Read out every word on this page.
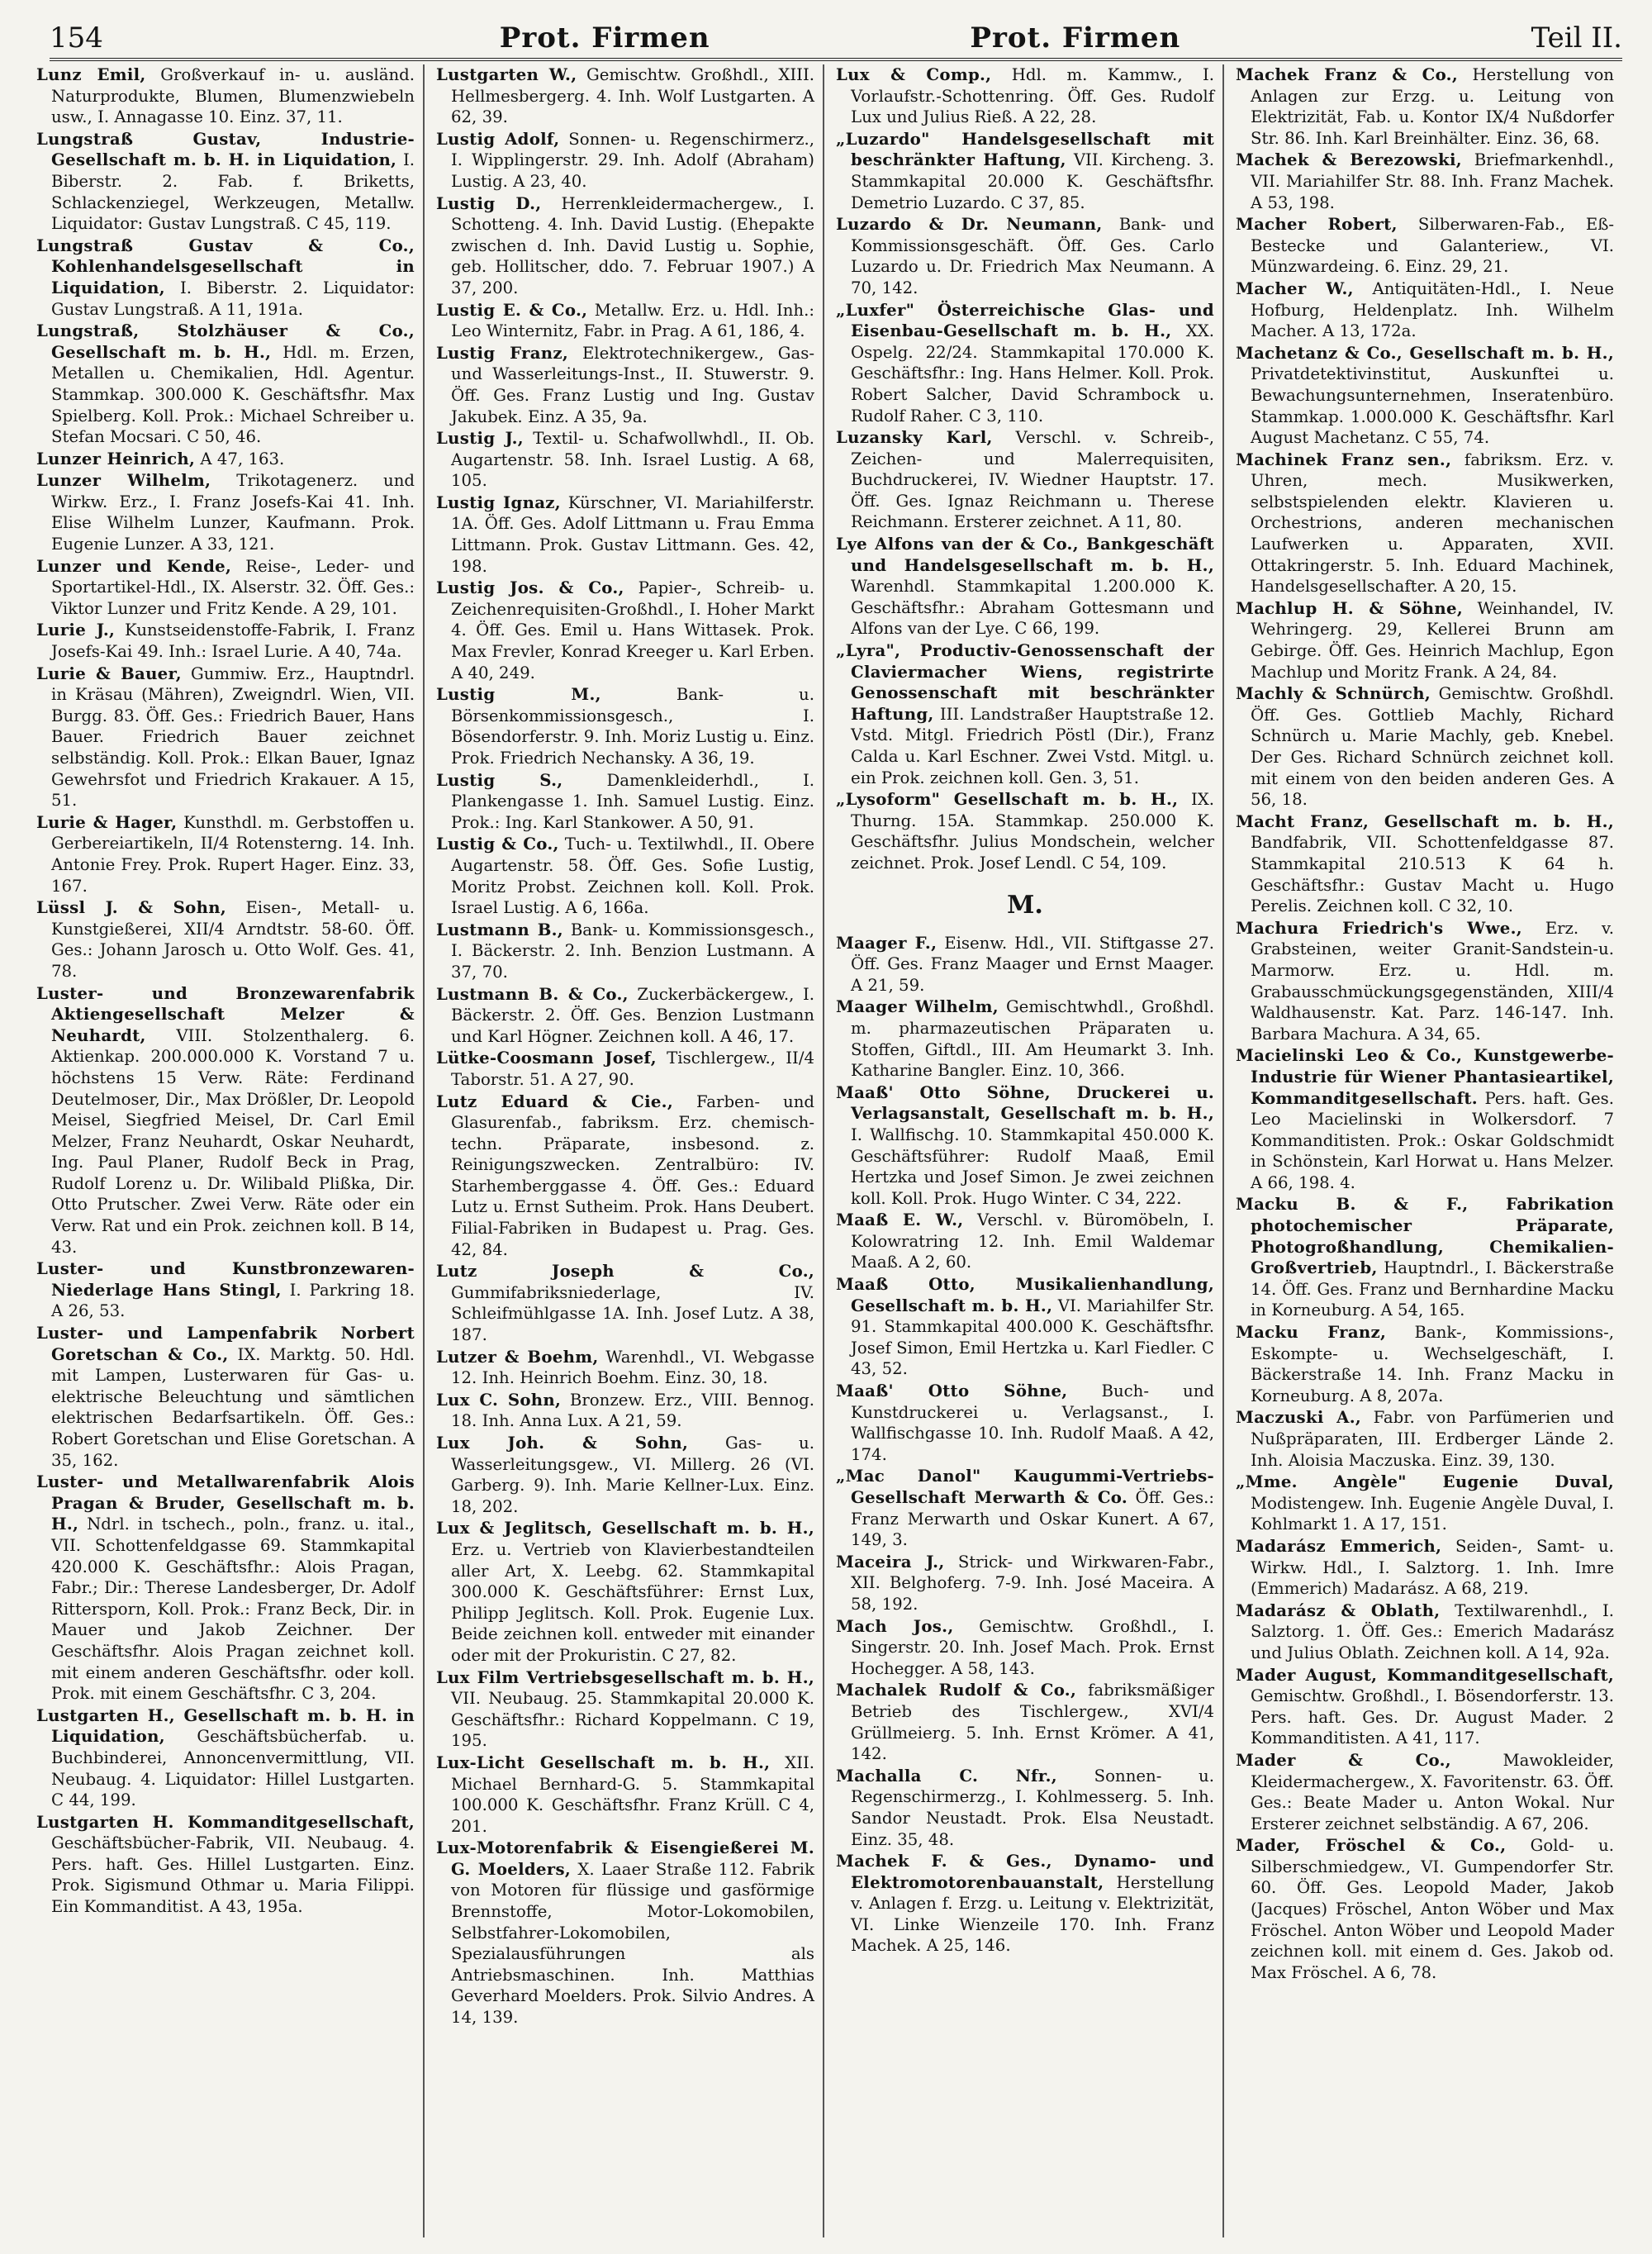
154	Prot. Firmen	Prot. Firmen	Teil II.

Lunz Emil, Großverkauf in- u. ausländ. Naturprodukte, Blumen, Blumenzwiebeln usw., I. Annagasse 10. Einz. 37, 11.

Lungstraß Gustav, Industrie-Gesellschaft m. b. H. in Liquidation, I. Biberstr. 2. Fab. f. Briketts, Schlackenziegel, Werkzeugen, Metallw. Liquidator: Gustav Lungstraß. C 45, 119.

Lungstraß Gustav & Co., Kohlenhandelsgesellschaft in Liquidation, I. Biberstr. 2. Liquidator: Gustav Lungstraß. A 11, 191a.

Lungstraß, Stolzhäuser & Co., Gesellschaft m. b. H., Hdl. m. Erzen, Metallen u. Chemikalien, Hdl. Agentur. Stammkap. 300.000 K. Geschäftsfhr. Max Spielberg. Koll. Prok.: Michael Schreiber u. Stefan Mocsari. C 50, 46.

Lunzer Heinrich, A 47, 163.

Lunzer Wilhelm, Trikotagenerz. und Wirkw. Erz., I. Franz Josefs-Kai 41. Inh. Elise Wilhelm Lunzer, Kaufmann. Prok. Eugenie Lunzer. A 33, 121.

Lunzer und Kende, Reise-, Leder- und Sportartikel-Hdl., IX. Alserstr. 32. Öff. Ges.: Viktor Lunzer und Fritz Kende. A 29, 101.

Lurie J., Kunstseidenstoffe-Fabrik, I. Franz Josefs-Kai 49. Inh.: Israel Lurie. A 40, 74a.

Lurie & Bauer, Gummiw. Erz., Hauptndrl. in Kräsau (Mähren), Zweigndrl. Wien, VII. Burgg. 83. Öff. Ges.: Friedrich Bauer, Hans Bauer. Friedrich Bauer zeichnet selbständig. Koll. Prok.: Elkan Bauer, Ignaz Gewehrsfot und Friedrich Krakauer. A 15, 51.

Lurie & Hager, Kunsthdl. m. Gerbstoffen u. Gerbereiartikeln, II/4 Rotensterng. 14. Inh. Antonie Frey. Prok. Rupert Hager. Einz. 33, 167.

Lüssl J. & Sohn, Eisen-, Metall- u. Kunstgießerei, XII/4 Arndtstr. 58-60. Öff. Ges.: Johann Jarosch u. Otto Wolf. Ges. 41, 78.

Luster- und Bronzewarenfabrik Aktiengesellschaft Melzer & Neuhardt, VIII. Stolzenthalerg. 6. Aktienkap. 200.000.000 K. Vorstand 7 u. höchstens 15 Verw. Räte: Ferdinand Deutelmoser, Dir., Max Drößler, Dr. Leopold Meisel, Siegfried Meisel, Dr. Carl Emil Melzer, Franz Neuhardt, Oskar Neuhardt, Ing. Paul Planer, Rudolf Beck in Prag, Rudolf Lorenz u. Dr. Wilibald Plißka, Dir. Otto Prutscher. Zwei Verw. Räte oder ein Verw. Rat und ein Prok. zeichnen koll. B 14, 43.

Luster- und Kunstbronzewaren-Niederlage Hans Stingl, I. Parkring 18. A 26, 53.

Luster- und Lampenfabrik Norbert Goretschan & Co., IX. Marktg. 50. Hdl. mit Lampen, Lusterwaren für Gas- u. elektrische Beleuchtung und sämtlichen elektrischen Bedarfsartikeln. Öff. Ges.: Robert Goretschan und Elise Goretschan. A 35, 162.

Luster- und Metallwarenfabrik Alois Pragan & Bruder, Gesellschaft m. b. H., Ndrl. in tschech., poln., franz. u. ital., VII. Schottenfeldgasse 69. Stammkapital 420.000 K. Geschäftsfhr.: Alois Pragan, Fabr.; Dir.: Therese Landesberger, Dr. Adolf Rittersporn, Koll. Prok.: Franz Beck, Dir. in Mauer und Jakob Zeichner. Der Geschäftsfhr. Alois Pragan zeichnet koll. mit einem anderen Geschäftsfhr. oder koll. Prok. mit einem Geschäftsfhr. C 3, 204.

Lustgarten H., Gesellschaft m. b. H. in Liquidation, Geschäftsbücherfab. u. Buchbinderei, Annoncenvermittlung, VII. Neubaug. 4. Liquidator: Hillel Lustgarten. C 44, 199.

Lustgarten H. Kommanditgesellschaft, Geschäftsbücher-Fabrik, VII. Neubaug. 4. Pers. haft. Ges. Hillel Lustgarten. Einz. Prok. Sigismund Othmar u. Maria Filippi. Ein Kommanditist. A 43, 195a.

Lustgarten W., Gemischtw. Großhdl., XIII. Hellmesbergerg. 4. Inh. Wolf Lustgarten. A 62, 39.

Lustig Adolf, Sonnen- u. Regenschirmerz., I. Wipplingerstr. 29. Inh. Adolf (Abraham) Lustig. A 23, 40.

Lustig D., Herrenkleidermachergew., I. Schotteng. 4. Inh. David Lustig. (Ehepakte zwischen d. Inh. David Lustig u. Sophie, geb. Hollitscher, ddo. 7. Februar 1907.) A 37, 200.

Lustig E. & Co., Metallw. Erz. u. Hdl. Inh.: Leo Winternitz, Fabr. in Prag. A 61, 186, 4.

Lustig Franz, Elektrotechnikergew., Gas- und Wasserleitungs-Inst., II. Stuwerstr. 9. Öff. Ges. Franz Lustig und Ing. Gustav Jakubek. Einz. A 35, 9a.

Lustig J., Textil- u. Schafwollwhdl., II. Ob. Augartenstr. 58. Inh. Israel Lustig. A 68, 105.

Lustig Ignaz, Kürschner, VI. Mariahilferstr. 1A. Öff. Ges. Adolf Littmann u. Frau Emma Littmann. Prok. Gustav Littmann. Ges. 42, 198.

Lustig Jos. & Co., Papier-, Schreib- u. Zeichenrequisiten-Großhdl., I. Hoher Markt 4. Öff. Ges. Emil u. Hans Wittasek. Prok. Max Frevler, Konrad Kreeger u. Karl Erben. A 40, 249.

Lustig M.,	Bank- u. Börsenkommissionsgesch., I. Bösendorferstr. 9. Inh. Moriz Lustig u. Einz. Prok. Friedrich Nechansky. A 36, 19.

Lustig S.,	Damenkleiderhdl., I. Plankengasse 1. Inh. Samuel Lustig. Einz. Prok.: Ing. Karl Stankower. A 50, 91.

Lustig & Co., Tuch- u. Textilwhdl., II. Obere Augartenstr. 58. Öff. Ges. Sofie Lustig, Moritz Probst. Zeichnen koll. Koll. Prok. Israel Lustig. A 6, 166a.

Lustmann B., Bank- u. Kommissionsgesch., I. Bäckerstr. 2. Inh. Benzion Lustmann. A 37, 70.

Lustmann B. & Co., Zuckerbäckergew., I. Bäckerstr. 2. Öff. Ges. Benzion Lustmann und Karl Högner. Zeichnen koll. A 46, 17.

Lütke-Coosmann Josef, Tischlergew., II/4 Taborstr. 51. A 27, 90.

Lutz Eduard & Cie., Farben- und Glasurenfab., fabriksm. Erz. chemisch-techn. Präparate, insbesond. z. Reinigungszwecken. Zentralbüro: IV. Starhemberggasse 4. Öff. Ges.: Eduard Lutz u. Ernst Sutheim. Prok. Hans Deubert. Filial-Fabriken in Budapest u. Prag. Ges. 42, 84.

Lutz Joseph & Co., Gummifabriksniederlage, IV. Schleifmühlgasse 1A. Inh. Josef Lutz. A 38, 187.

Lutzer & Boehm, Warenhdl., VI. Webgasse 12. Inh. Heinrich Boehm. Einz. 30, 18.

Lux C. Sohn, Bronzew. Erz., VIII. Bennog. 18. Inh. Anna Lux. A 21, 59.

Lux Joh. & Sohn, Gas- u. Wasserleitungsgew., VI. Millerg. 26 (VI. Garberg. 9). Inh. Marie Kellner-Lux. Einz. 18, 202.

Lux & Jeglitsch, Gesellschaft m. b. H., Erz. u. Vertrieb von Klavierbestandteilen aller Art, X. Leebg. 62. Stammkapital 300.000 K. Geschäftsführer: Ernst Lux, Philipp Jeglitsch. Koll. Prok. Eugenie Lux. Beide zeichnen koll. entweder mit einander oder mit der Prokuristin. C 27, 82.

Lux Film Vertriebsgesellschaft m. b. H., VII. Neubaug. 25. Stammkapital 20.000 K. Geschäftsfhr.: Richard Koppelmann. C 19, 195.

Lux-Licht Gesellschaft m. b. H., XII. Michael Bernhard-G. 5. Stammkapital 100.000 K. Geschäftsfhr. Franz Krüll. C 4, 201.

Lux-Motorenfabrik & Eisengießerei M. G. Moelders, X. Laaer Straße 112. Fabrik von Motoren für flüssige und gasförmige Brennstoffe, Motor-Lokomobilen, Selbstfahrer-Lokomobilen, Spezialausführungen als Antriebsmaschinen. Inh. Matthias Geverhard Moelders. Prok. Silvio Andres. A 14, 139.

Lux & Comp., Hdl. m. Kammw., I. Vorlaufstr.-Schottenring. Öff. Ges. Rudolf Lux und Julius Rieß. A 22, 28.

„Luzardo" Handelsgesellschaft mit beschränkter Haftung, VII. Kircheng. 3. Stammkapital 20.000 K. Geschäftsfhr. Demetrio Luzardo. C 37, 85.

Luzardo & Dr. Neumann, Bank- und Kommissionsgeschäft. Öff. Ges. Carlo Luzardo u. Dr. Friedrich Max Neumann. A 70, 142.

„Luxfer" Österreichische Glas- und Eisenbau-Gesellschaft m. b. H., XX. Ospelg. 22/24. Stammkapital 170.000 K. Geschäftsfhr.: Ing. Hans Helmer. Koll. Prok. Robert Salcher, David Schrambock u. Rudolf Raher. C 3, 110.

Luzansky Karl, Verschl. v. Schreib-, Zeichen- und Malerrequisiten, Buchdruckerei, IV. Wiedner Hauptstr. 17. Öff. Ges. Ignaz Reichmann u. Therese Reichmann. Ersterer zeichnet. A 11, 80.

Lye Alfons van der & Co., Bankgeschäft und Handelsgesellschaft m. b. H., Warenhdl. Stammkapital 1.200.000 K. Geschäftsfhr.: Abraham Gottesmann und Alfons van der Lye. C 66, 199.

„Lyra", Productiv-Genossenschaft der Claviermacher Wiens, registrirte Genossenschaft mit beschränkter Haftung, III. Landstraßer Hauptstraße 12. Vstd. Mitgl. Friedrich Pöstl (Dir.), Franz Calda u. Karl Eschner. Zwei Vstd. Mitgl. u. ein Prok. zeichnen koll. Gen. 3, 51.

„Lysoform" Gesellschaft m. b. H., IX. Thurng. 15A. Stammkap. 250.000 K. Geschäftsfhr. Julius Mondschein, welcher zeichnet. Prok. Josef Lendl. C 54, 109.

M.

Maager F., Eisenw. Hdl., VII. Stiftgasse 27. Öff. Ges. Franz Maager und Ernst Maager. A 21, 59.

Maager Wilhelm, Gemischtwhdl., Großhdl. m. pharmazeutischen Präparaten u. Stoffen, Giftdl., III. Am Heumarkt 3. Inh. Katharine Bangler. Einz. 10, 366.

Maaß' Otto Söhne, Druckerei u. Verlagsanstalt, Gesellschaft m. b. H., I. Wallfischg. 10. Stammkapital 450.000 K. Geschäftsführer: Rudolf Maaß, Emil Hertzka und Josef Simon. Je zwei zeichnen koll. Koll. Prok. Hugo Winter. C 34, 222.

Maaß E. W., Verschl. v. Büromöbeln, I. Kolowratring 12. Inh. Emil Waldemar Maaß. A 2, 60.

Maaß Otto, Musikalienhandlung, Gesellschaft m. b. H., VI. Mariahilfer Str. 91. Stammkapital 400.000 K. Geschäftsfhr. Josef Simon, Emil Hertzka u. Karl Fiedler. C 43, 52.

Maaß' Otto Söhne, Buch- und Kunstdruckerei u. Verlagsanst., I. Wallfischgasse 10. Inh. Rudolf Maaß. A 42, 174.

„Mac Danol" Kaugummi-Vertriebs-Gesellschaft Merwarth & Co. Öff. Ges.: Franz Merwarth und Oskar Kunert. A 67, 149, 3.

Maceira J., Strick- und Wirkwaren-Fabr., XII. Belghoferg. 7-9. Inh. José Maceira. A 58, 192.

Mach Jos., Gemischtw. Großhdl., I. Singerstr. 20. Inh. Josef Mach. Prok. Ernst Hochegger. A 58, 143.

Machalek Rudolf & Co., fabriksmäßiger Betrieb des Tischlergew., XVI/4 Grüllmeierg. 5. Inh. Ernst Krömer. A 41, 142.

Machalla C. Nfr., Sonnen- u. Regenschirmerzg., I. Kohlmesserg. 5. Inh. Sandor Neustadt. Prok. Elsa Neustadt. Einz. 35, 48.

Machek F. & Ges., Dynamo- und Elektromotorenbauanstalt, Herstellung v. Anlagen f. Erzg. u. Leitung v. Elektrizität, VI. Linke Wienzeile 170. Inh. Franz Machek. A 25, 146.

Machek Franz & Co., Herstellung von Anlagen zur Erzg. u. Leitung von Elektrizität, Fab. u. Kontor IX/4 Nußdorfer Str. 86. Inh. Karl Breinhälter. Einz. 36, 68.

Machek & Berezowski, Briefmarkenhdl., VII. Mariahilfer Str. 88. Inh. Franz Machek. A 53, 198.

Macher Robert, Silberwaren-Fab., Eß-Bestecke und Galanteriew., VI. Münzwardeing. 6. Einz. 29, 21.

Macher W., Antiquitäten-Hdl., I. Neue Hofburg, Heldenplatz. Inh. Wilhelm Macher. A 13, 172a.

Machetanz & Co., Gesellschaft m. b. H., Privatdetektivinstitut, Auskunftei u. Bewachungsunternehmen, Inseratenbüro. Stammkap. 1.000.000 K. Geschäftsfhr. Karl August Machetanz. C 55, 74.

Machinek Franz sen., fabriksm. Erz. v. Uhren, mech. Musikwerken, selbstspielenden elektr. Klavieren u. Orchestrions, anderen mechanischen Laufwerken u. Apparaten, XVII. Ottakringerstr. 5. Inh. Eduard Machinek, Handelsgesellschafter. A 20, 15.

Machlup H. & Söhne, Weinhandel, IV. Wehringerg. 29, Kellerei Brunn am Gebirge. Öff. Ges. Heinrich Machlup, Egon Machlup und Moritz Frank. A 24, 84.

Machly & Schnürch, Gemischtw. Großhdl. Öff. Ges. Gottlieb Machly, Richard Schnürch u. Marie Machly, geb. Knebel. Der Ges. Richard Schnürch zeichnet koll. mit einem von den beiden anderen Ges. A 56, 18.

Macht Franz, Gesellschaft m. b. H., Bandfabrik, VII. Schottenfeldgasse 87. Stammkapital 210.513 K 64 h. Geschäftsfhr.: Gustav Macht u. Hugo Perelis. Zeichnen koll. C 32, 10.

Machura Friedrich's Wwe., Erz. v. Grabsteinen, weiter Granit-Sandstein-u. Marmorw. Erz. u. Hdl. m. Grabausschmückungsgegenständen, XIII/4 Waldhausenstr. Kat. Parz. 146-147. Inh. Barbara Machura. A 34, 65.

Macielinski Leo & Co., Kunstgewerbe-Industrie für Wiener Phantasieartikel, Kommanditgesellschaft. Pers. haft. Ges. Leo Macielinski in Wolkersdorf. 7 Kommanditisten. Prok.: Oskar Goldschmidt in Schönstein, Karl Horwat u. Hans Melzer. A 66, 198. 4.

Macku B. & F., Fabrikation photochemischer Präparate, Photogroßhandlung, Chemikalien-Großvertrieb, Hauptndrl., I. Bäckerstraße 14. Öff. Ges. Franz und Bernhardine Macku in Korneuburg. A 54, 165.

Macku Franz, Bank-, Kommissions-, Eskompte- u. Wechselgeschäft, I. Bäckerstraße 14. Inh. Franz Macku in Korneuburg. A 8, 207a.

Maczuski A., Fabr. von Parfümerien und Nußpräparaten, III. Erdberger Lände 2. Inh. Aloisia Maczuska. Einz. 39, 130.

„Mme. Angèle" Eugenie Duval, Modistengew. Inh. Eugenie Angèle Duval, I. Kohlmarkt 1. A 17, 151.

Madarász Emmerich, Seiden-, Samt- u. Wirkw. Hdl., I. Salztorg. 1. Inh. Imre (Emmerich) Madarász. A 68, 219.

Madarász & Oblath, Textilwarenhdl., I. Salztorg. 1. Öff. Ges.: Emerich Madarász und Julius Oblath. Zeichnen koll. A 14, 92a.

Mader August, Kommanditgesellschaft, Gemischtw. Großhdl., I. Bösendorferstr. 13. Pers. haft. Ges. Dr. August Mader. 2 Kommanditisten. A 41, 117.

Mader & Co.,	Mawokleider, Kleidermachergew., X. Favoritenstr. 63. Öff. Ges.: Beate Mader u. Anton Wokal. Nur Ersterer zeichnet selbständig. A 67, 206.

Mader, Fröschel & Co., Gold- u. Silberschmiedgew., VI. Gumpendorfer Str. 60. Öff. Ges. Leopold Mader, Jakob (Jacques) Fröschel, Anton Wöber und Max Fröschel. Anton Wöber und Leopold Mader zeichnen koll. mit einem d. Ges. Jakob od. Max Fröschel. A 6, 78.
